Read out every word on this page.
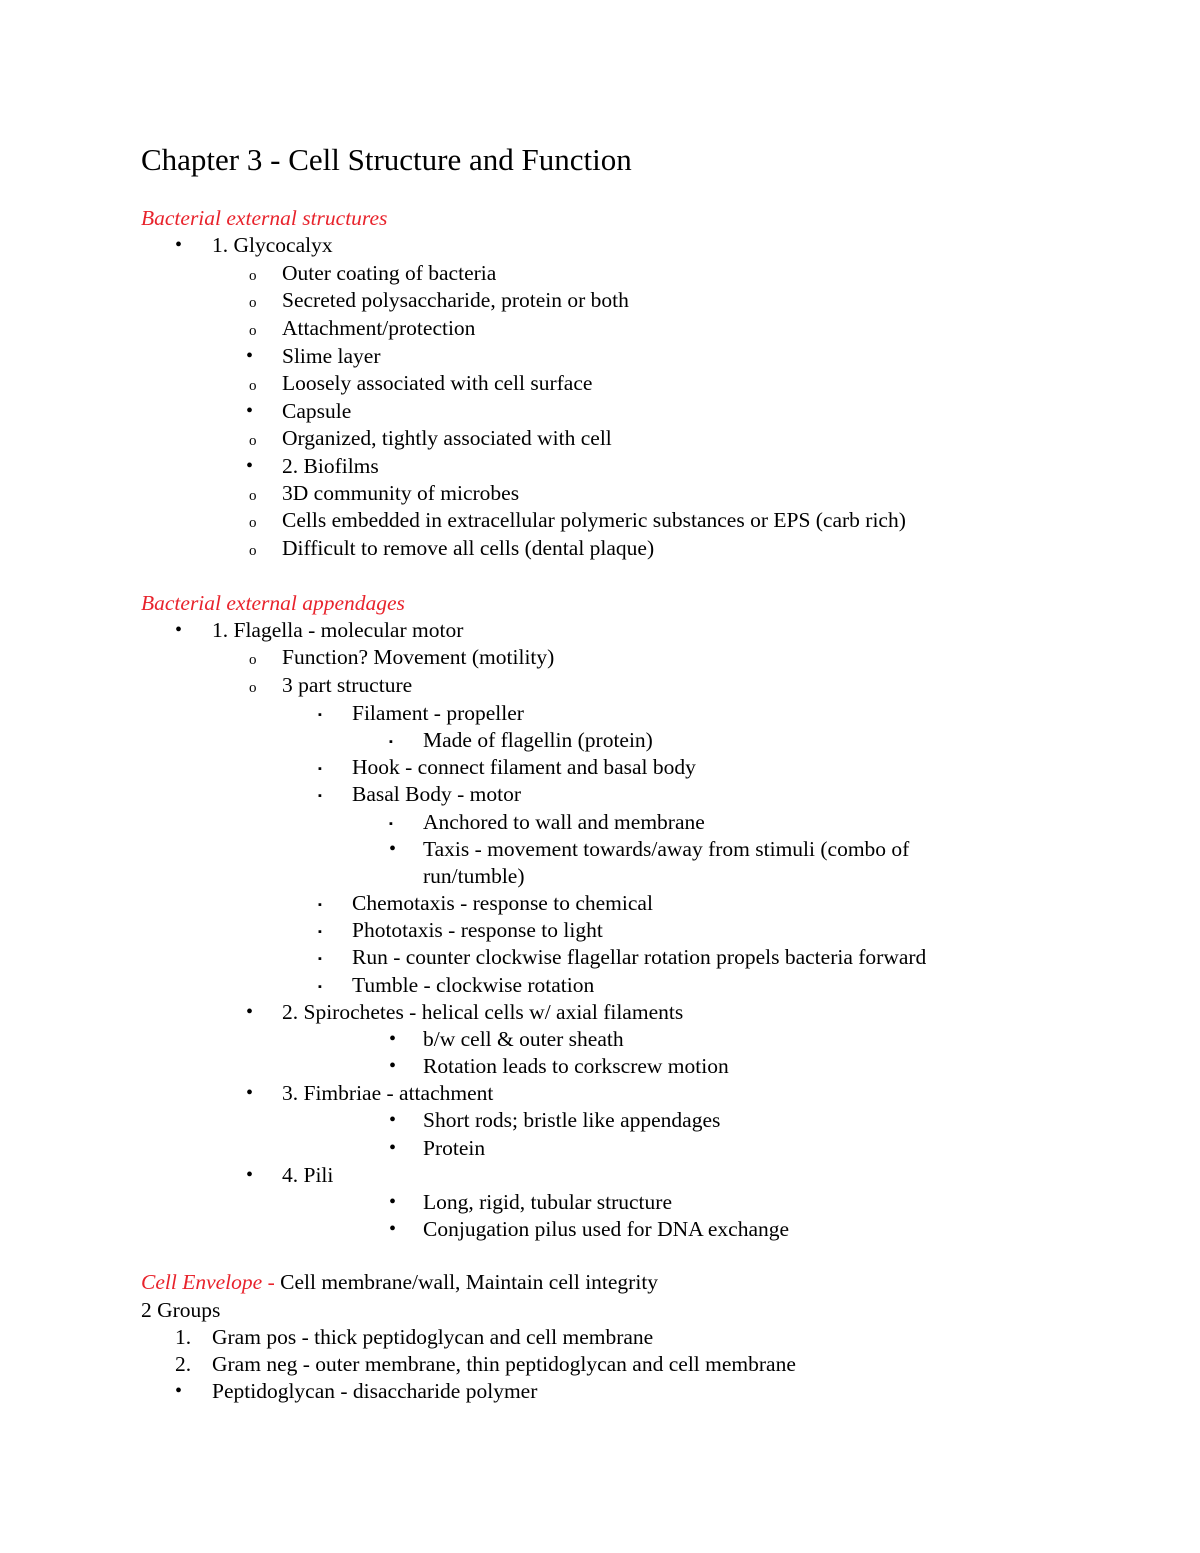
Chapter 3 - Cell Structure and Function
Bacterial external structures
• 1. Glycocalyx
o Outer coating of bacteria
o Secreted polysaccharide, protein or both
o Attachment/protection
• Slime layer
o Loosely associated with cell surface
• Capsule
o Organized, tightly associated with cell
• 2. Biofilms
o 3D community of microbes
o Cells embedded in extracellular polymeric substances or EPS (carb rich)
o Difficult to remove all cells (dental plaque)
Bacterial external appendages
• 1. Flagella - molecular motor
o Function? Movement (motility)
o 3 part structure
▪ Filament - propeller
▪ Made of flagellin (protein)
▪ Hook - connect filament and basal body
▪ Basal Body - motor
▪ Anchored to wall and membrane
• Taxis - movement towards/away from stimuli (combo of
run/tumble)
▪ Chemotaxis - response to chemical
▪ Phototaxis - response to light
▪ Run - counter clockwise flagellar rotation propels bacteria forward
▪ Tumble - clockwise rotation
• 2. Spirochetes - helical cells w/ axial filaments
• b/w cell & outer sheath
• Rotation leads to corkscrew motion
• 3. Fimbriae - attachment
• Short rods; bristle like appendages
• Protein
• 4. Pili
• Long, rigid, tubular structure
• Conjugation pilus used for DNA exchange
Cell Envelope - Cell membrane/wall, Maintain cell integrity
2 Groups
1. Gram pos - thick peptidoglycan and cell membrane
2. Gram neg - outer membrane, thin peptidoglycan and cell membrane
• Peptidoglycan - disaccharide polymer
